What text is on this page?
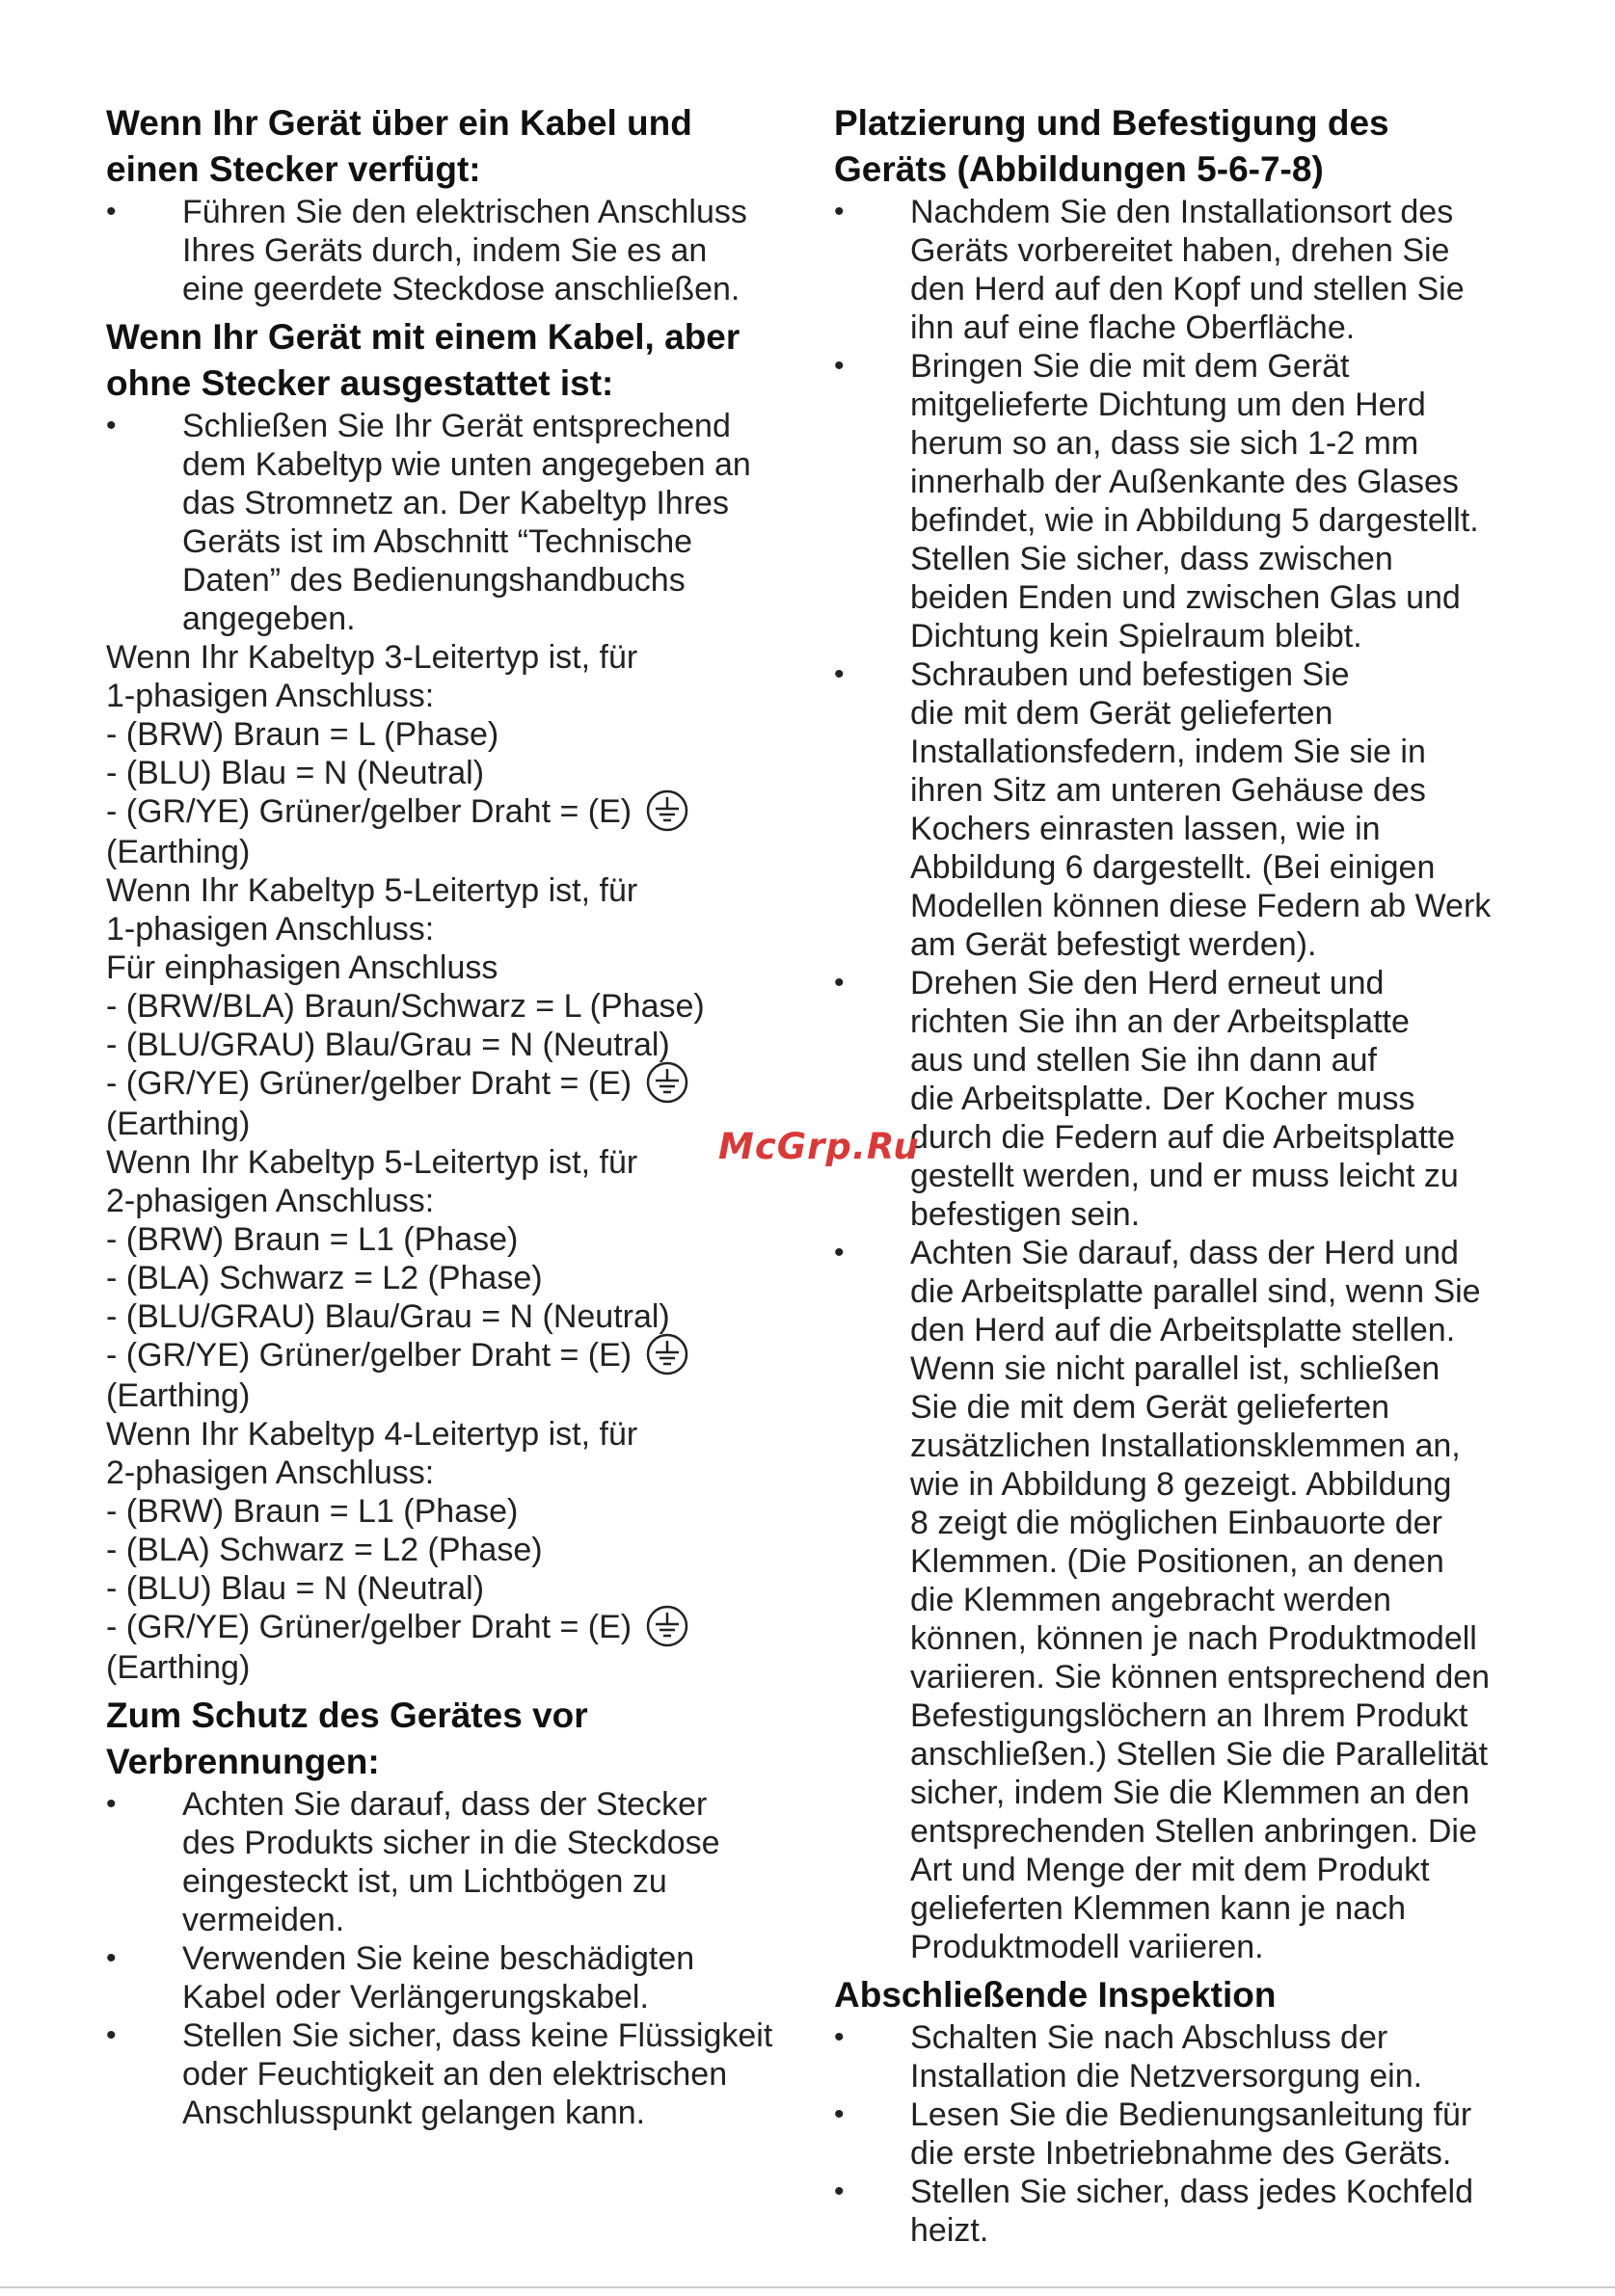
Wenn Ihr Gerät über ein Kabel und
einen Stecker verfügt:
• Führen Sie den elektrischen Anschluss
Ihres Geräts durch, indem Sie es an
eine geerdete Steckdose anschließen.
Wenn Ihr Gerät mit einem Kabel, aber
ohne Stecker ausgestattet ist:
• Schließen Sie Ihr Gerät entsprechend
dem Kabeltyp wie unten angegeben an
das Stromnetz an. Der Kabeltyp Ihres
Geräts ist im Abschnitt “Technische
Daten” des Bedienungshandbuchs
angegeben.
Wenn Ihr Kabeltyp 3-Leitertyp ist, für
1-phasigen Anschluss:
- (BRW) Braun = L (Phase)
- (BLU) Blau = N (Neutral)
- (GR/YE) Grüner/gelber Draht = (E)
(Earthing)
Wenn Ihr Kabeltyp 5-Leitertyp ist, für
1-phasigen Anschluss:
Für einphasigen Anschluss
- (BRW/BLA) Braun/Schwarz = L (Phase)
- (BLU/GRAU) Blau/Grau = N (Neutral)
- (GR/YE) Grüner/gelber Draht = (E)
(Earthing)
Wenn Ihr Kabeltyp 5-Leitertyp ist, für
2-phasigen Anschluss:
- (BRW) Braun = L1 (Phase)
- (BLA) Schwarz = L2 (Phase)
- (BLU/GRAU) Blau/Grau = N (Neutral)
- (GR/YE) Grüner/gelber Draht = (E)
(Earthing)
Wenn Ihr Kabeltyp 4-Leitertyp ist, für
2-phasigen Anschluss:
- (BRW) Braun = L1 (Phase)
- (BLA) Schwarz = L2 (Phase)
- (BLU) Blau = N (Neutral)
- (GR/YE) Grüner/gelber Draht = (E)
(Earthing)
Zum Schutz des Gerätes vor
Verbrennungen:
• Achten Sie darauf, dass der Stecker
des Produkts sicher in die Steckdose
eingesteckt ist, um Lichtbögen zu
vermeiden.
• Verwenden Sie keine beschädigten
Kabel oder Verlängerungskabel.
• Stellen Sie sicher, dass keine Flüssigkeit
oder Feuchtigkeit an den elektrischen
Anschlusspunkt gelangen kann.
Platzierung und Befestigung des
Geräts (Abbildungen 5-6-7-8)
• Nachdem Sie den Installationsort des
Geräts vorbereitet haben, drehen Sie
den Herd auf den Kopf und stellen Sie
ihn auf eine flache Oberfläche.
• Bringen Sie die mit dem Gerät
mitgelieferte Dichtung um den Herd
herum so an, dass sie sich 1-2 mm
innerhalb der Außenkante des Glases
befindet, wie in Abbildung 5 dargestellt.
Stellen Sie sicher, dass zwischen
beiden Enden und zwischen Glas und
Dichtung kein Spielraum bleibt.
• Schrauben und befestigen Sie
die mit dem Gerät gelieferten
Installationsfedern, indem Sie sie in
ihren Sitz am unteren Gehäuse des
Kochers einrasten lassen, wie in
Abbildung 6 dargestellt. (Bei einigen
Modellen können diese Federn ab Werk
am Gerät befestigt werden).
• Drehen Sie den Herd erneut und
richten Sie ihn an der Arbeitsplatte
aus und stellen Sie ihn dann auf
die Arbeitsplatte. Der Kocher muss
durch die Federn auf die Arbeitsplatte
gestellt werden, und er muss leicht zu
befestigen sein.
• Achten Sie darauf, dass der Herd und
die Arbeitsplatte parallel sind, wenn Sie
den Herd auf die Arbeitsplatte stellen.
Wenn sie nicht parallel ist, schließen
Sie die mit dem Gerät gelieferten
zusätzlichen Installationsklemmen an,
wie in Abbildung 8 gezeigt. Abbildung
8 zeigt die möglichen Einbauorte der
Klemmen. (Die Positionen, an denen
die Klemmen angebracht werden
können, können je nach Produktmodell
variieren. Sie können entsprechend den
Befestigungslöchern an Ihrem Produkt
anschließen.) Stellen Sie die Parallelität
sicher, indem Sie die Klemmen an den
entsprechenden Stellen anbringen. Die
Art und Menge der mit dem Produkt
gelieferten Klemmen kann je nach
Produktmodell variieren.
Abschließende Inspektion
• Schalten Sie nach Abschluss der
Installation die Netzversorgung ein.
• Lesen Sie die Bedienungsanleitung für
die erste Inbetriebnahme des Geräts.
• Stellen Sie sicher, dass jedes Kochfeld
heizt.
McGrp.Ru
